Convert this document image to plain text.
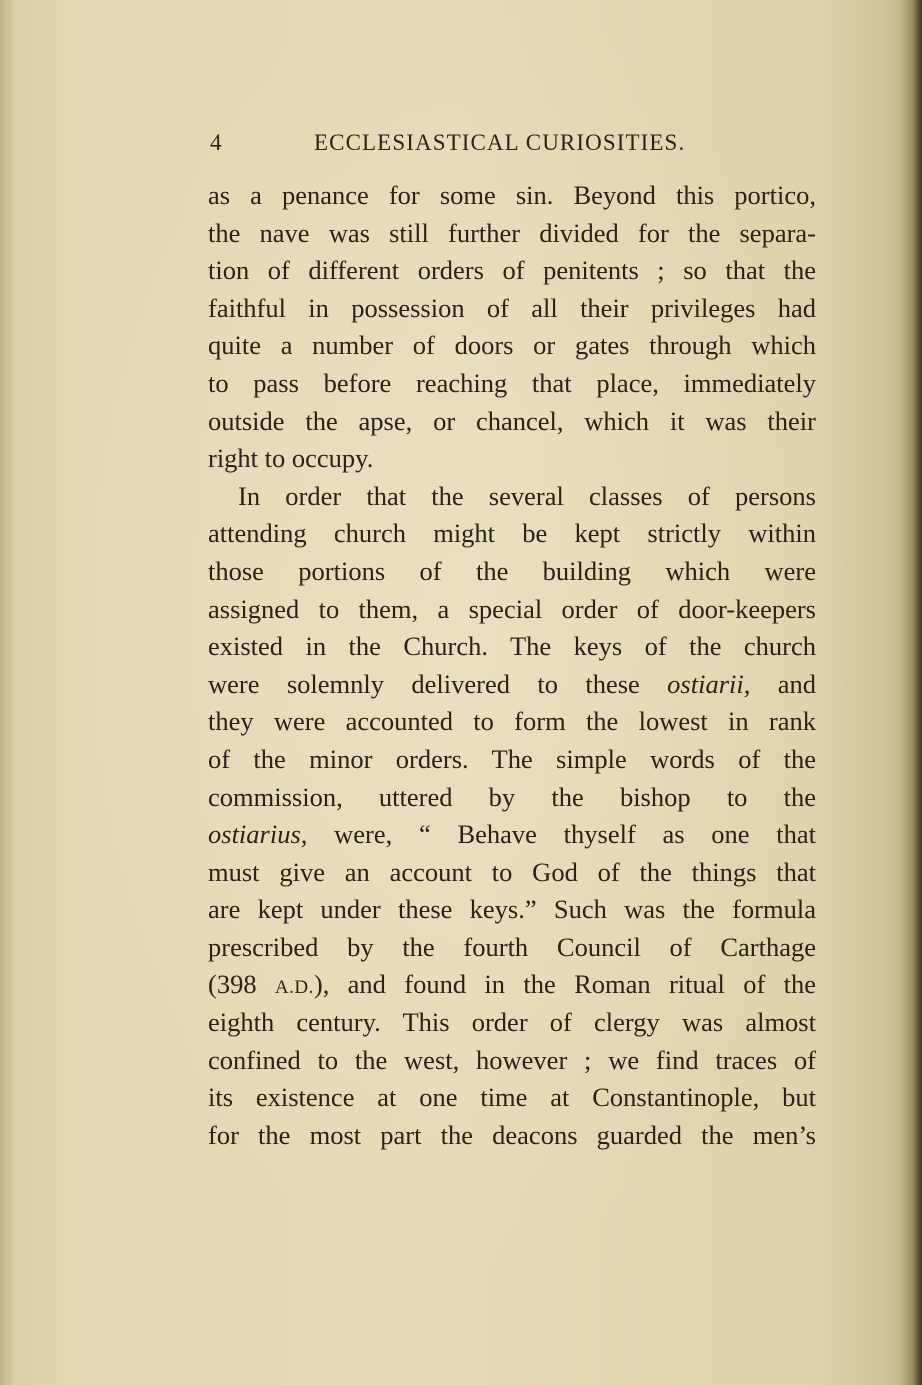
4	ECCLESIASTICAL CURIOSITIES.
as a penance for some sin. Beyond this portico,
the nave was still further divided for the separa-
tion of different orders of penitents ; so that the
faithful in possession of all their privileges had
quite a number of doors or gates through which
to pass before reaching that place, immediately
outside the apse, or chancel, which it was their
right to occupy.
In order that the several classes of persons
attending church might be kept strictly within
those portions of the building which were
assigned to them, a special order of door-keepers
existed in the Church. The keys of the church
were solemnly delivered to these ostiarii, and
they were accounted to form the lowest in rank
of the minor orders. The simple words of the
commission, uttered by the bishop to the
ostiarius, were, “ Behave thyself as one that
must give an account to God of the things that
are kept under these keys.” Such was the formula
prescribed by the fourth Council of Carthage
(398 A.D.), and found in the Roman ritual of the
eighth century. This order of clergy was almost
confined to the west, however ; we find traces of
its existence at one time at Constantinople, but
for the most part the deacons guarded the men’s
